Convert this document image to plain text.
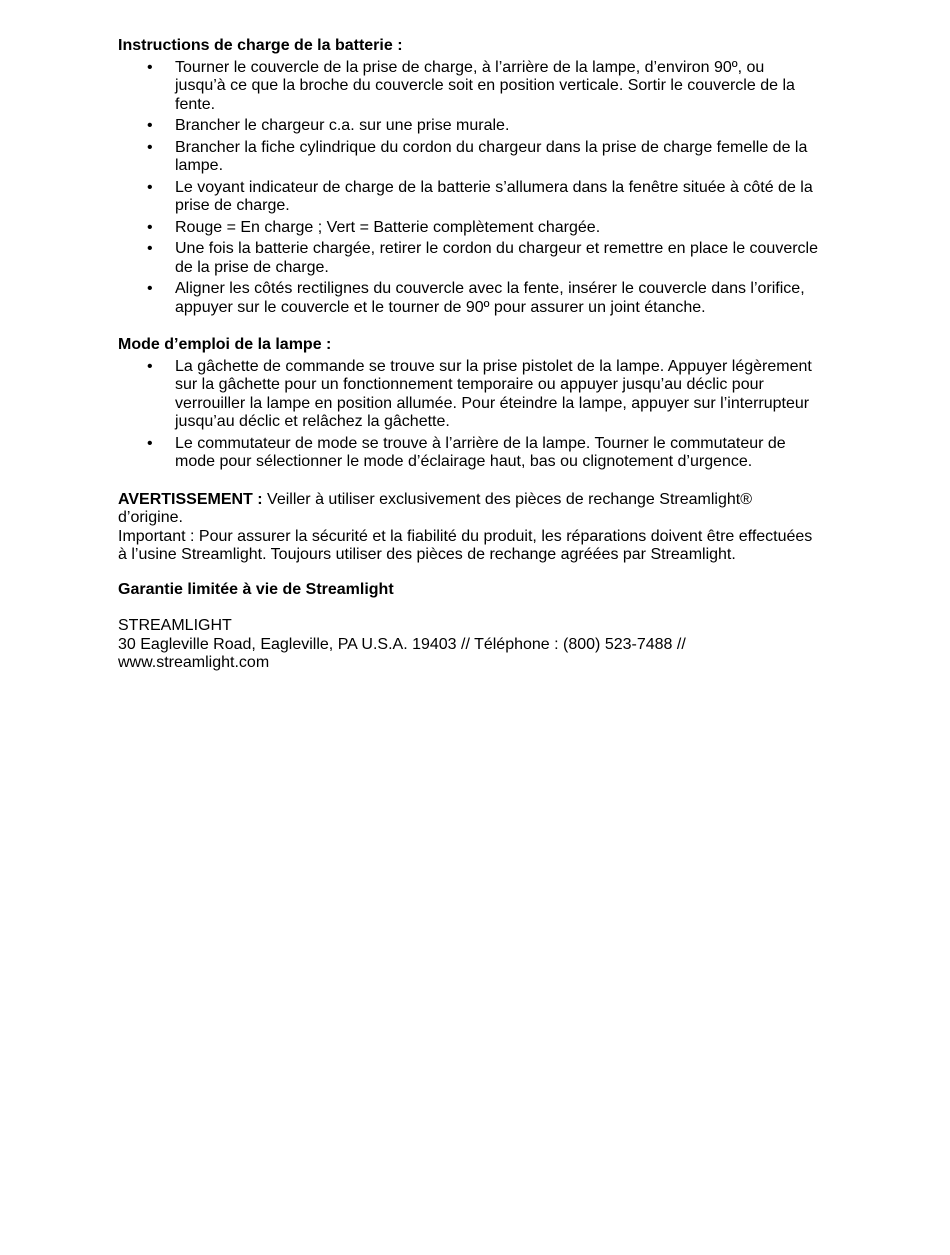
Instructions de charge de la batterie :
• Tourner le couvercle de la prise de charge, à l’arrière de la lampe, d’environ 90º, ou jusqu’à ce que la broche du couvercle soit en position verticale. Sortir le couvercle de la fente.
• Brancher le chargeur c.a. sur une prise murale.
• Brancher la fiche cylindrique du cordon du chargeur dans la prise de charge femelle de la lampe.
• Le voyant indicateur de charge de la batterie s’allumera dans la fenêtre située à côté de la prise de charge.
• Rouge = En charge ; Vert = Batterie complètement chargée.
• Une fois la batterie chargée, retirer le cordon du chargeur et remettre en place le couvercle de la prise de charge.
• Aligner les côtés rectilignes du couvercle avec la fente, insérer le couvercle dans l’orifice, appuyer sur le couvercle et le tourner de 90º pour assurer un joint étanche.
Mode d’emploi de la lampe :
• La gâchette de commande se trouve sur la prise pistolet de la lampe. Appuyer légèrement sur la gâchette pour un fonctionnement temporaire ou appuyer jusqu’au déclic pour verrouiller la lampe en position allumée. Pour éteindre la lampe, appuyer sur l’interrupteur jusqu’au déclic et relâchez la gâchette.
• Le commutateur de mode se trouve à l’arrière de la lampe. Tourner le commutateur de mode pour sélectionner le mode d’éclairage haut, bas ou clignotement d’urgence.

AVERTISSEMENT : Veiller à utiliser exclusivement des pièces de rechange Streamlight® d’origine.

Important : Pour assurer la sécurité et la fiabilité du produit, les réparations doivent être effectuées à l’usine Streamlight. Toujours utiliser des pièces de rechange agréées par Streamlight.

Garantie limitée à vie de Streamlight

STREAMLIGHT

30 Eagleville Road, Eagleville, PA U.S.A. 19403 // Téléphone : (800) 523-7488 // www.streamlight.com
